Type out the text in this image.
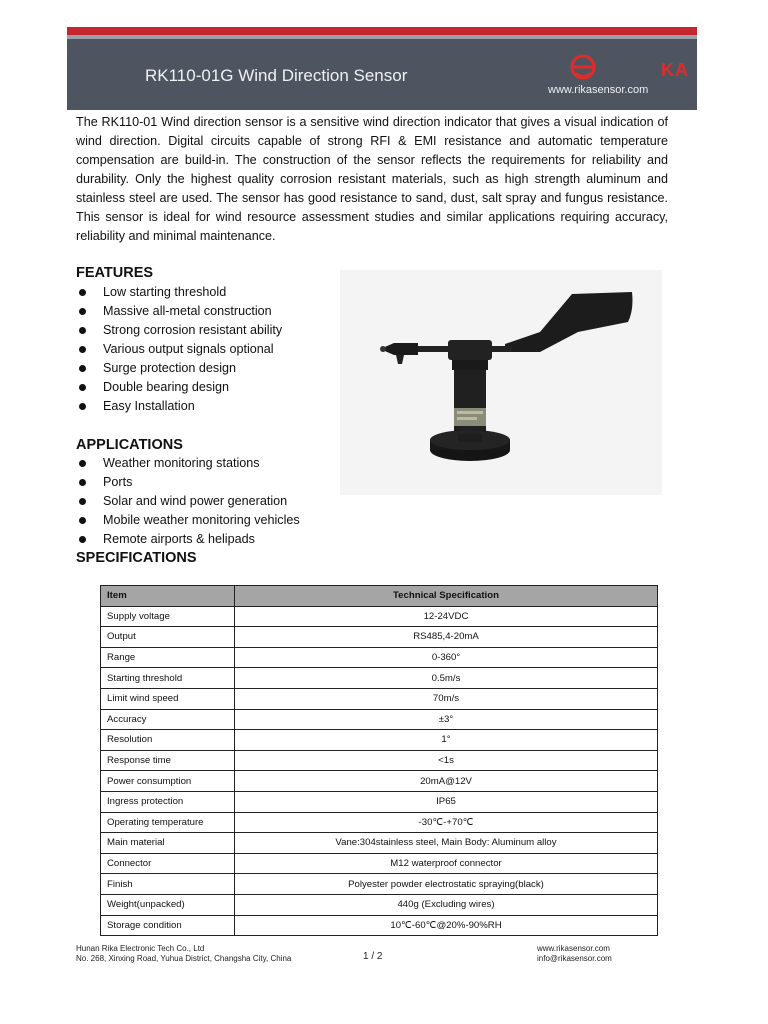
RK110-01G Wind Direction Sensor	KA
www.rikasensor.com

The RK110-01 Wind direction sensor is a sensitive wind direction indicator that gives a visual indication of wind direction. Digital circuits capable of strong RFI & EMI resistance and automatic temperature compensation are build-in. The construction of the sensor reflects the requirements for reliability and durability. Only the highest quality corrosion resistant materials, such as high strength aluminum and stainless steel are used. The sensor has good resistance to sand, dust, salt spray and fungus resistance. This sensor is ideal for wind resource assessment studies and similar applications requiring accuracy, reliability and minimal maintenance.

FEATURES
Low starting threshold
Massive all-metal construction
Strong corrosion resistant ability
Various output signals optional
Surge protection design
Double bearing design
Easy Installation
APPLICATIONS
Weather monitoring stations
Ports
Solar and wind power generation
Mobile weather monitoring vehicles
Remote airports & helipads
SPECIFICATIONS
Item	Technical Specification
Supply voltage	12-24VDC
Output	RS485,4-20mA
Range	0-360°
Starting threshold	0.5m/s
Limit wind speed	70m/s
Accuracy	±3°
Resolution	1°
Response time	<1s
Power consumption	20mA@12V
Ingress protection	IP65
Operating temperature	-30℃-+70℃
Main material	Vane:304stainless steel, Main Body: Aluminum alloy
Connector	M12 waterproof connector
Finish	Polyester powder electrostatic spraying(black)
Weight(unpacked)	440g (Excluding wires)
Storage condition	10℃-60℃@20%-90%RH
Hunan Rika Electronic Tech Co., Ltd
No. 268, Xinxing Road, Yuhua District, Changsha City, China	1 / 2
www.rikasensor.com
info@rikasensor.com
